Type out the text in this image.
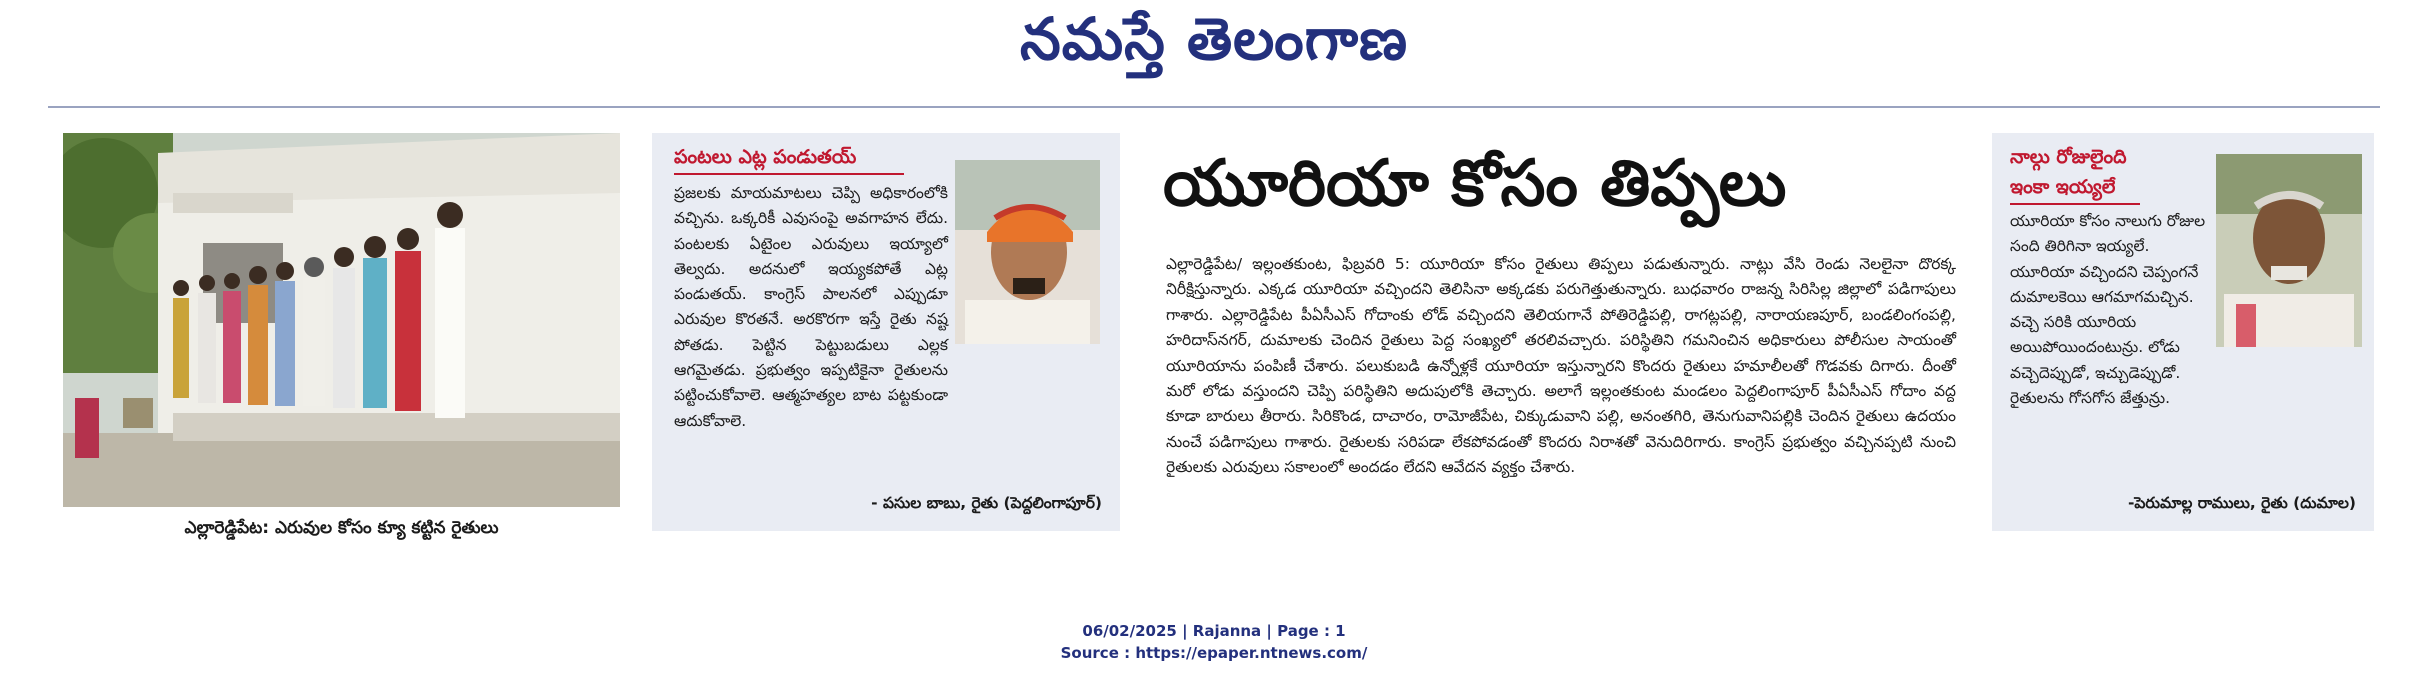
నమస్తే తెలంగాణ
ఎల్లారెడ్డిపేట: ఎరువుల కోసం క్యూ కట్టిన రైతులు
పంటలు ఎట్ల పండుతయ్
ప్రజలకు మాయమాటలు చెప్పి అధికారంలోకి వచ్చిను. ఒక్కరికీ ఎవుసంపై అవగాహన లేదు. పంటలకు ఏటైంల ఎరువులు ఇయ్యాలో తెల్వదు. అదనులో ఇయ్యకపోతే ఎట్ల పండుతయ్. కాంగ్రెస్ పాలనలో ఎప్పుడూ ఎరువుల కొరతనే. అరకొరగా ఇస్తే రైతు నష్ట పోతడు. పెట్టిన పెట్టుబడులు ఎల్లక ఆగమైతడు. ప్రభుత్వం ఇప్పటికైనా రైతులను పట్టించుకోవాలె. ఆత్మహత్యల బాట పట్టకుండా ఆదుకోవాలె.
- పసుల బాబు, రైతు (పెద్దలింగాపూర్)
యూరియా కోసం తిప్పలు
ఎల్లారెడ్డిపేట/ ఇల్లంతకుంట, ఫిబ్రవరి 5: యూరియా కోసం రైతులు తిప్పలు పడుతున్నారు. నాట్లు వేసి రెండు నెలలైనా దొరక్క నిరీక్షిస్తున్నారు. ఎక్కడ యూరియా వచ్చిందని తెలిసినా అక్కడకు పరుగెత్తుతున్నారు. బుధవారం రాజన్న సిరిసిల్ల జిల్లాలో పడిగాపులు గాశారు. ఎల్లారెడ్డిపేట పీఏసీఎస్ గోదాంకు లోడ్ వచ్చిందని తెలియగానే పోతిరెడ్డిపల్లి, రాగట్లపల్లి, నారాయణపూర్, బండలింగంపల్లి, హరిదాస్‌నగర్, దుమాలకు చెందిన రైతులు పెద్ద సంఖ్యలో తరలివచ్చారు. పరిస్థితిని గమనించిన అధికారులు పోలీసుల సాయంతో యూరియాను పంపిణీ చేశారు. పలుకుబడి ఉన్నోళ్లకే యూరియా ఇస్తున్నారని కొందరు రైతులు హమాలీలతో గొడవకు దిగారు. దీంతో మరో లోడు వస్తుందని చెప్పి పరిస్థితిని అదుపులోకి తెచ్చారు. అలాగే ఇల్లంతకుంట మండలం పెద్దలింగాపూర్ పీఏసీఎస్ గోదాం వద్ద కూడా బారులు తీరారు. సిరికొండ, దాచారం, రామోజీపేట, చిక్కుడువాని పల్లి, అనంతగిరి, తెనుగువానిపల్లికి చెందిన రైతులు ఉదయం నుంచే పడిగాపులు గాశారు. రైతులకు సరిపడా లేకపోవడంతో కొందరు నిరాశతో వెనుదిరిగారు. కాంగ్రెస్ ప్రభుత్వం వచ్చినప్పటి నుంచి రైతులకు ఎరువులు సకాలంలో అందడం లేదని ఆవేదన వ్యక్తం చేశారు.
నాల్గు రోజులైంది
ఇంకా ఇయ్యలే
యూరియా కోసం నాలుగు రోజుల సంది తిరిగినా ఇయ్యలే. యూరియా వచ్చిందని చెప్పంగనే దుమాలకెయి ఆగమాగమచ్చిన. వచ్చె సరికి యూరియ అయిపోయిందంటున్రు. లోడు వచ్చెదెప్పుడో, ఇచ్చుడెప్పుడో. రైతులను గోసగోస జేత్తున్రు.
-పెరుమాల్ల రాములు, రైతు (దుమాల)
06/02/2025 | Rajanna | Page : 1
Source : https://epaper.ntnews.com/
